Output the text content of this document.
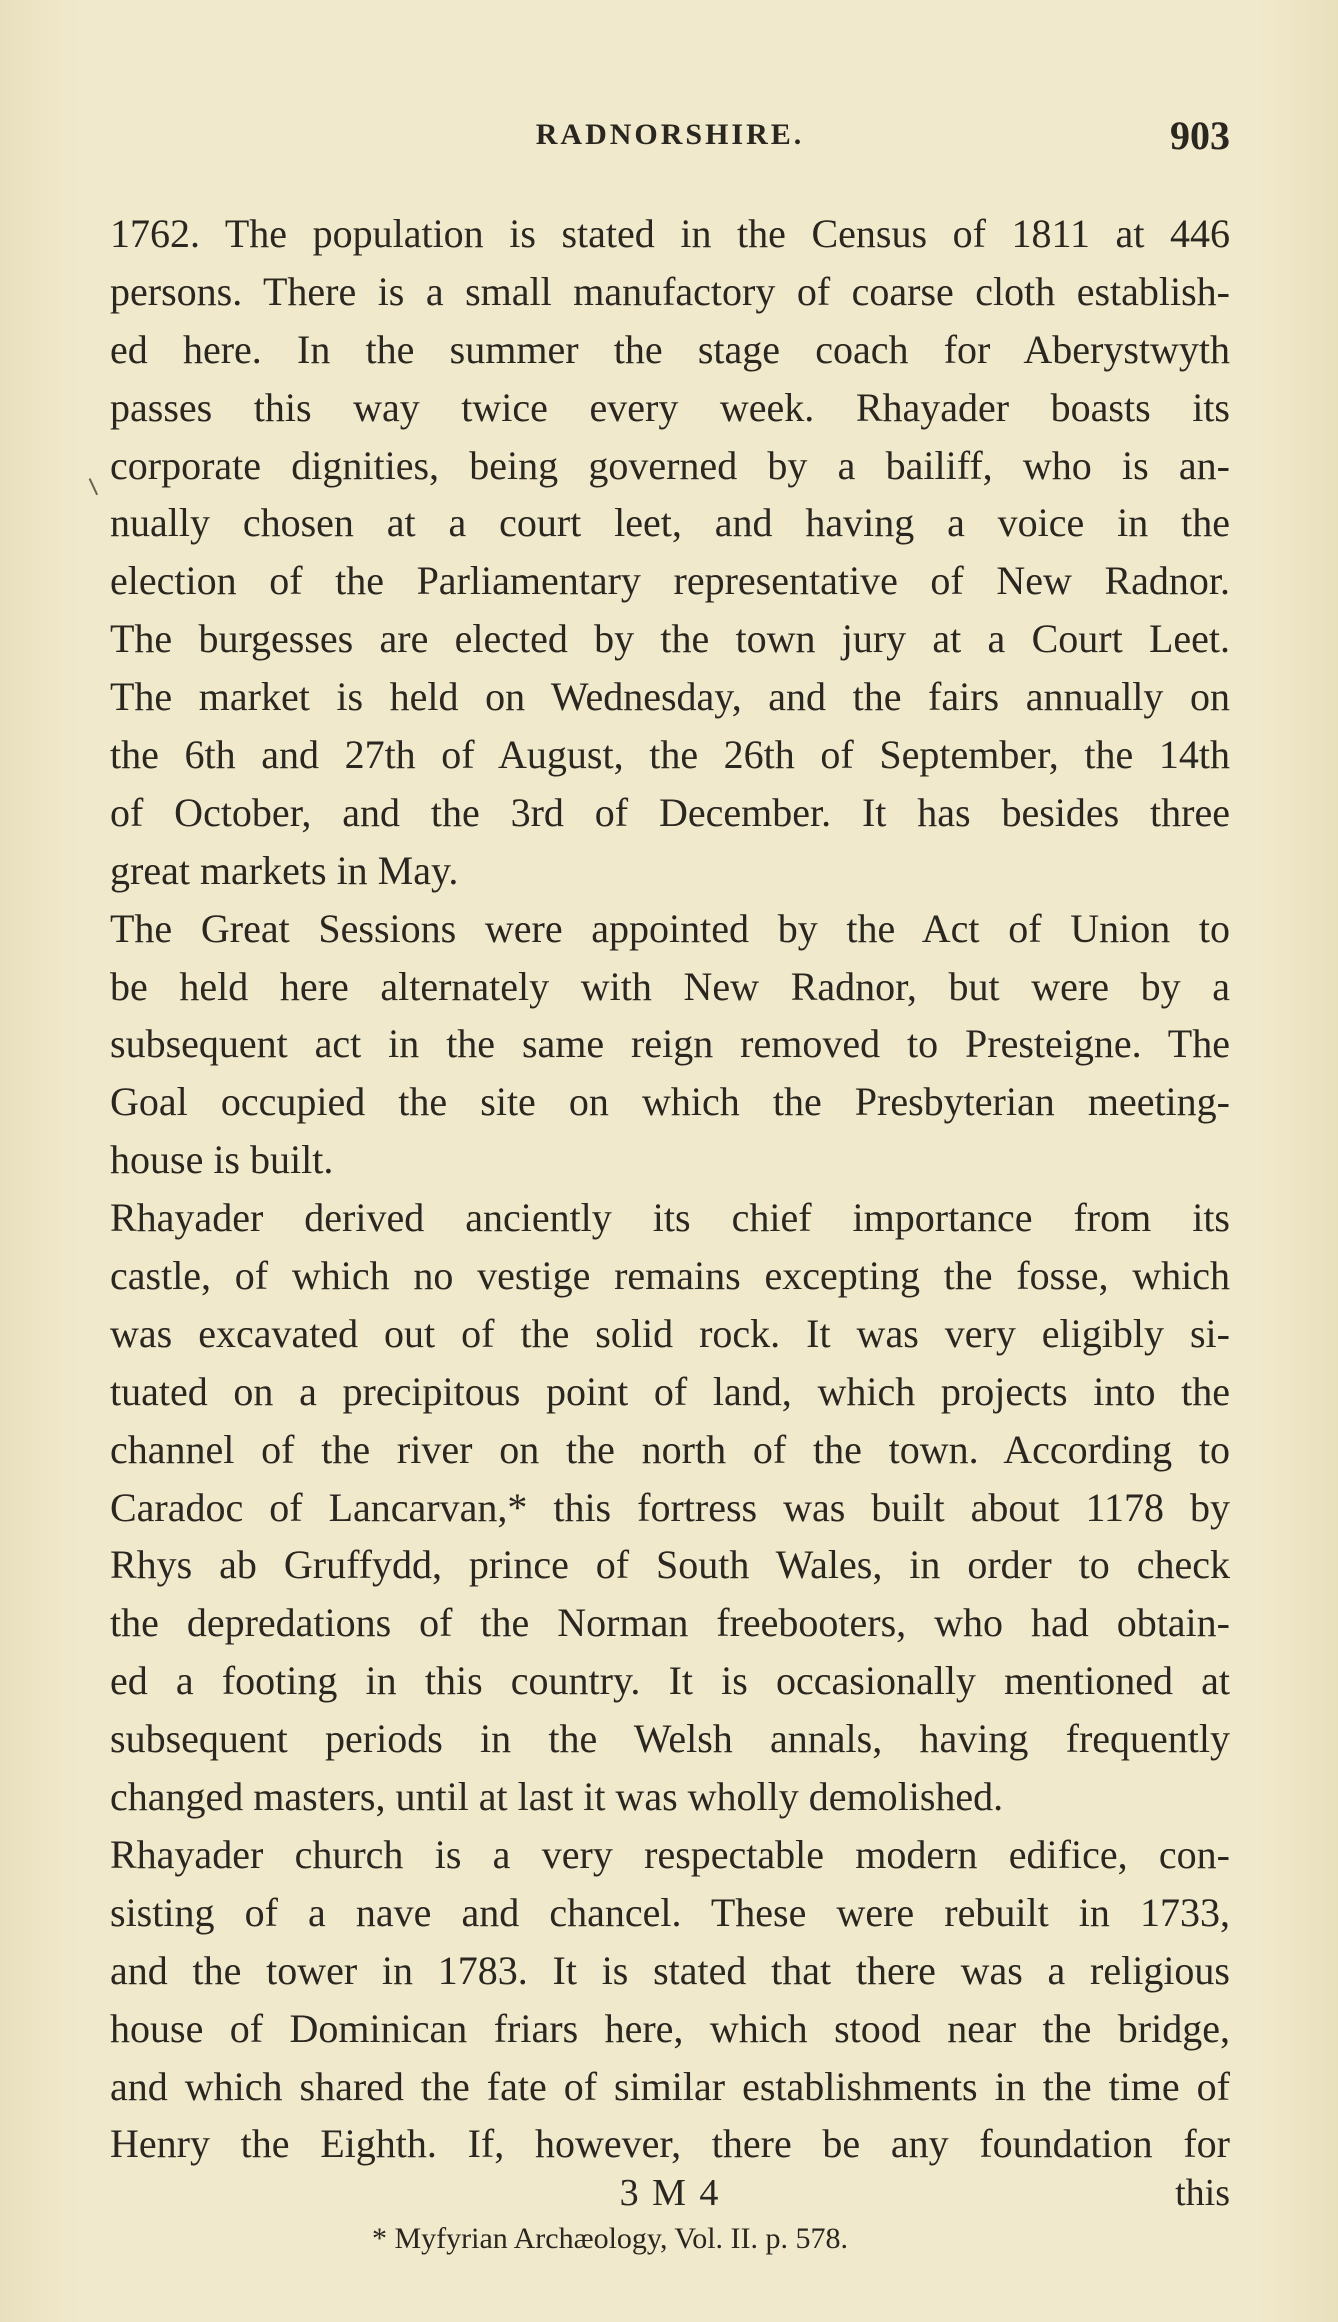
RADNORSHIRE.	903
1762. The population is stated in the Census of 1811 at 446
persons. There is a small manufactory of coarse cloth establish-
ed here. In the summer the stage coach for Aberystwyth
passes this way twice every week. Rhayader boasts its
corporate dignities, being governed by a bailiff, who is an-
nually chosen at a court leet, and having a voice in the
election of the Parliamentary representative of New Radnor.
The burgesses are elected by the town jury at a Court Leet.
The market is held on Wednesday, and the fairs annually on
the 6th and 27th of August, the 26th of September, the 14th
of October, and the 3rd of December. It has besides three
great markets in May.
The Great Sessions were appointed by the Act of Union to
be held here alternately with New Radnor, but were by a
subsequent act in the same reign removed to Presteigne. The
Goal occupied the site on which the Presbyterian meeting-
house is built.
Rhayader derived anciently its chief importance from its
castle, of which no vestige remains excepting the fosse, which
was excavated out of the solid rock. It was very eligibly si-
tuated on a precipitous point of land, which projects into the
channel of the river on the north of the town. According to
Caradoc of Lancarvan,* this fortress was built about 1178 by
Rhys ab Gruffydd, prince of South Wales, in order to check
the depredations of the Norman freebooters, who had obtain-
ed a footing in this country. It is occasionally mentioned at
subsequent periods in the Welsh annals, having frequently
changed masters, until at last it was wholly demolished.
Rhayader church is a very respectable modern edifice, con-
sisting of a nave and chancel. These were rebuilt in 1733,
and the tower in 1783. It is stated that there was a religious
house of Dominican friars here, which stood near the bridge,
and which shared the fate of similar establishments in the time of
Henry the Eighth. If, however, there be any foundation for
3 M 4	this
* Myfyrian Archæology, Vol. II. p. 578.
